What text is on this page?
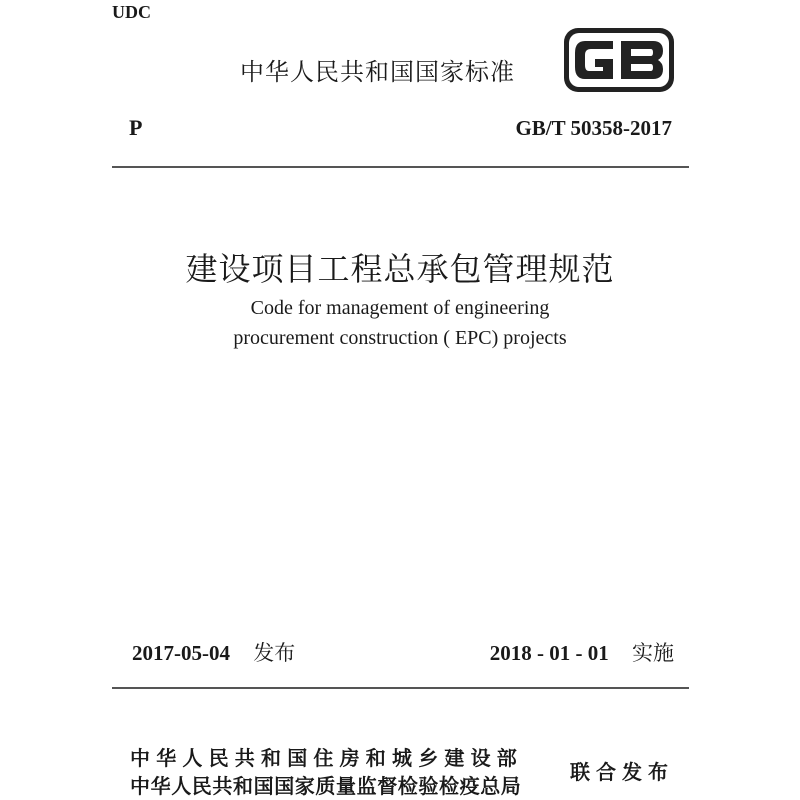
UDC
中华人民共和国国家标准
P	GB/T 50358-2017
建设项目工程总承包管理规范
Code for management of engineering
procurement construction ( EPC) projects
2017-05-04 发布	2018 - 01 - 01 实施
中华人民共和国住房和城乡建设部
中华人民共和国国家质量监督检验检疫总局
联合发布
